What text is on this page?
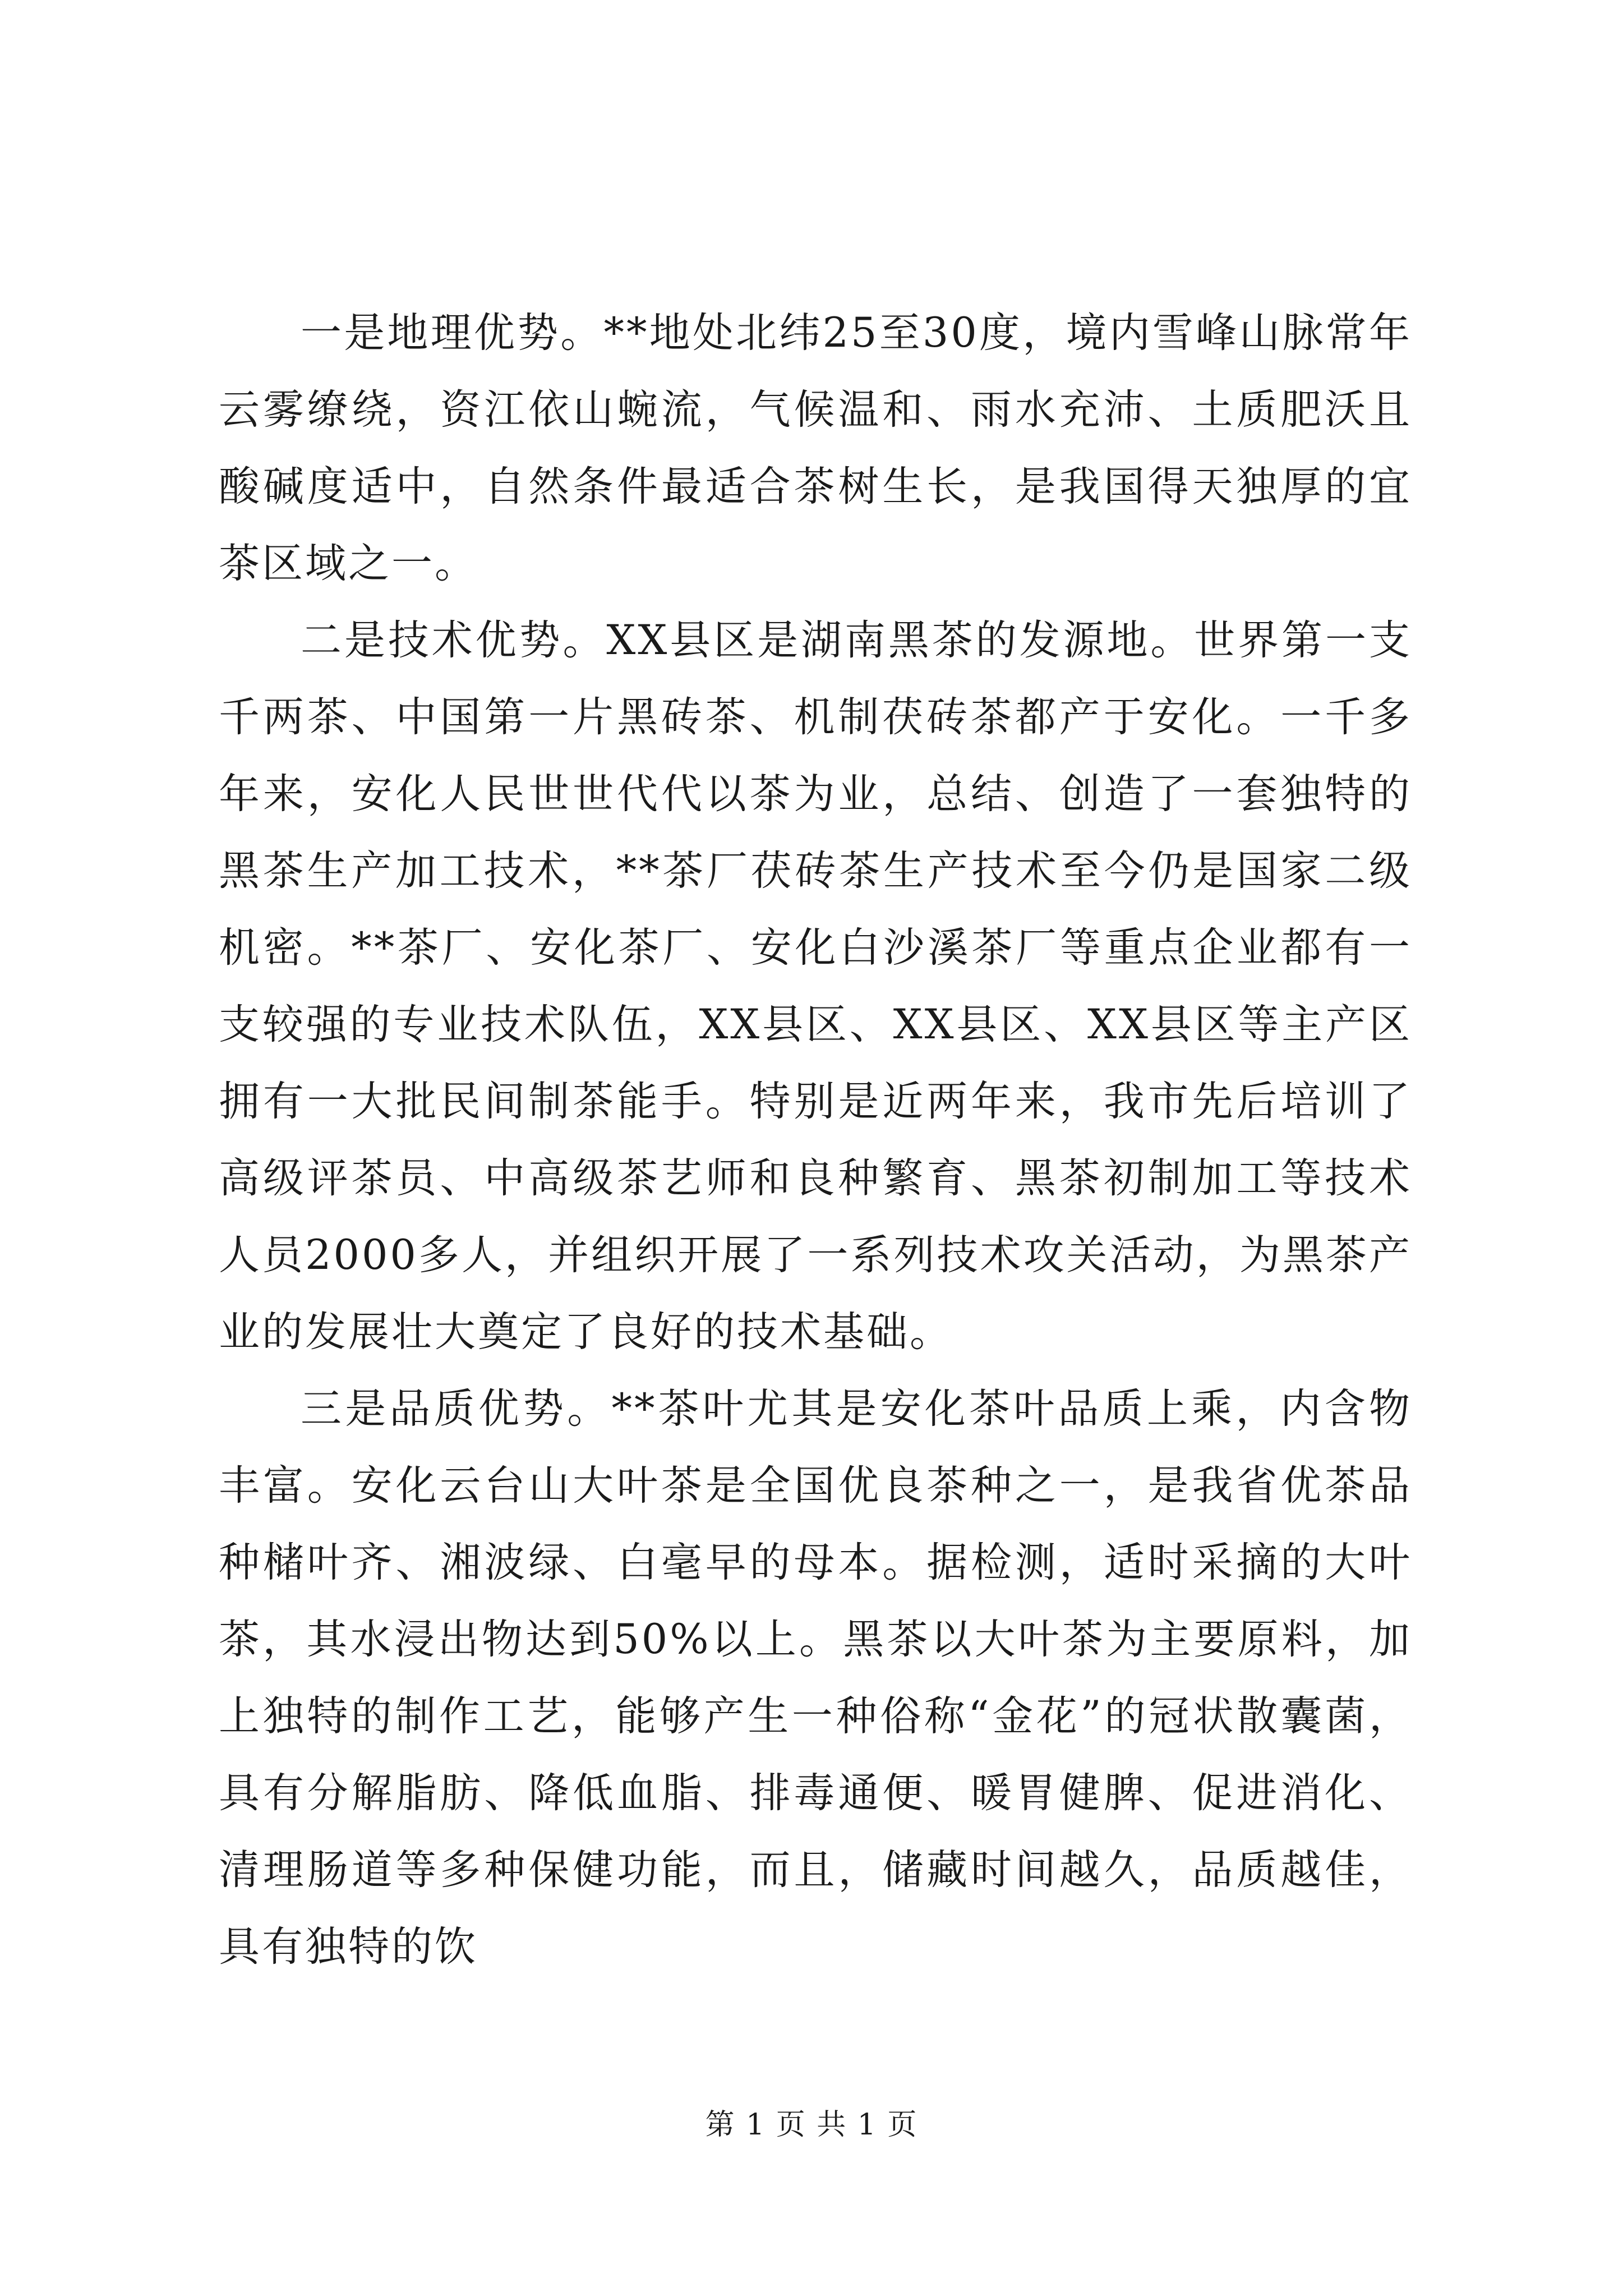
一是地理优势。**地处北纬25至30度，境内雪峰山脉常年云雾缭绕，资江依山蜿流，气候温和、雨水充沛、土质肥沃且酸碱度适中，自然条件最适合茶树生长，是我国得天独厚的宜茶区域之一。

二是技术优势。XX县区是湖南黑茶的发源地。世界第一支千两茶、中国第一片黑砖茶、机制茯砖茶都产于安化。一千多年来，安化人民世世代代以茶为业，总结、创造了一套独特的黑茶生产加工技术，**茶厂茯砖茶生产技术至今仍是国家二级机密。**茶厂、安化茶厂、安化白沙溪茶厂等重点企业都有一支较强的专业技术队伍，XX县区、XX县区、XX县区等主产区拥有一大批民间制茶能手。特别是近两年来，我市先后培训了高级评茶员、中高级茶艺师和良种繁育、黑茶初制加工等技术人员2000多人，并组织开展了一系列技术攻关活动，为黑茶产业的发展壮大奠定了良好的技术基础。

三是品质优势。**茶叶尤其是安化茶叶品质上乘，内含物丰富。安化云台山大叶茶是全国优良茶种之一，是我省优茶品种槠叶齐、湘波绿、白毫早的母本。据检测，适时采摘的大叶茶，其水浸出物达到50%以上。黑茶以大叶茶为主要原料，加上独特的制作工艺，能够产生一种俗称“金花”的冠状散囊菌，具有分解脂肪、降低血脂、排毒通便、暖胃健脾、促进消化、清理肠道等多种保健功能，而且，储藏时间越久，品质越佳，具有独特的饮

第 1 页 共 1 页
